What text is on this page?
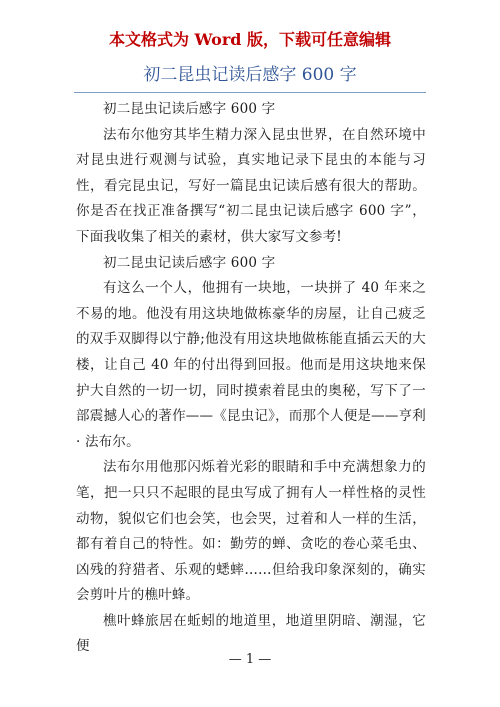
本文格式为 Word 版，下载可任意编辑
初二昆虫记读后感字 600 字

初二昆虫记读后感字 600 字

法布尔他穷其毕生精力深入昆虫世界，在自然环境中对昆虫进行观测与试验，真实地记录下昆虫的本能与习性，看完昆虫记，写好一篇昆虫记读后感有很大的帮助。你是否在找正准备撰写“初二昆虫记读后感字 600 字”，下面我收集了相关的素材，供大家写文参考!

初二昆虫记读后感字 600 字

有这么一个人，他拥有一块地，一块拼了 40 年来之不易的地。他没有用这块地做栋豪华的房屋，让自己疲乏的双手双脚得以宁静;他没有用这块地做栋能直插云天的大楼，让自己 40 年的付出得到回报。他而是用这块地来保护大自然的一切一切，同时摸索着昆虫的奥秘，写下了一部震撼人心的著作——《昆虫记》，而那个人便是——亨利 · 法布尔。

法布尔用他那闪烁着光彩的眼睛和手中充满想象力的笔，把一只只不起眼的昆虫写成了拥有人一样性格的灵性动物，貌似它们也会笑，也会哭，过着和人一样的生活，都有着自己的特性。如：勤劳的蝉、贪吃的卷心菜毛虫、凶残的狩猎者、乐观的蟋蟀……但给我印象深刻的，确实会剪叶片的樵叶蜂。

樵叶蜂旅居在蚯蚓的地道里，地道里阴暗、潮湿，它便

— 1 —
